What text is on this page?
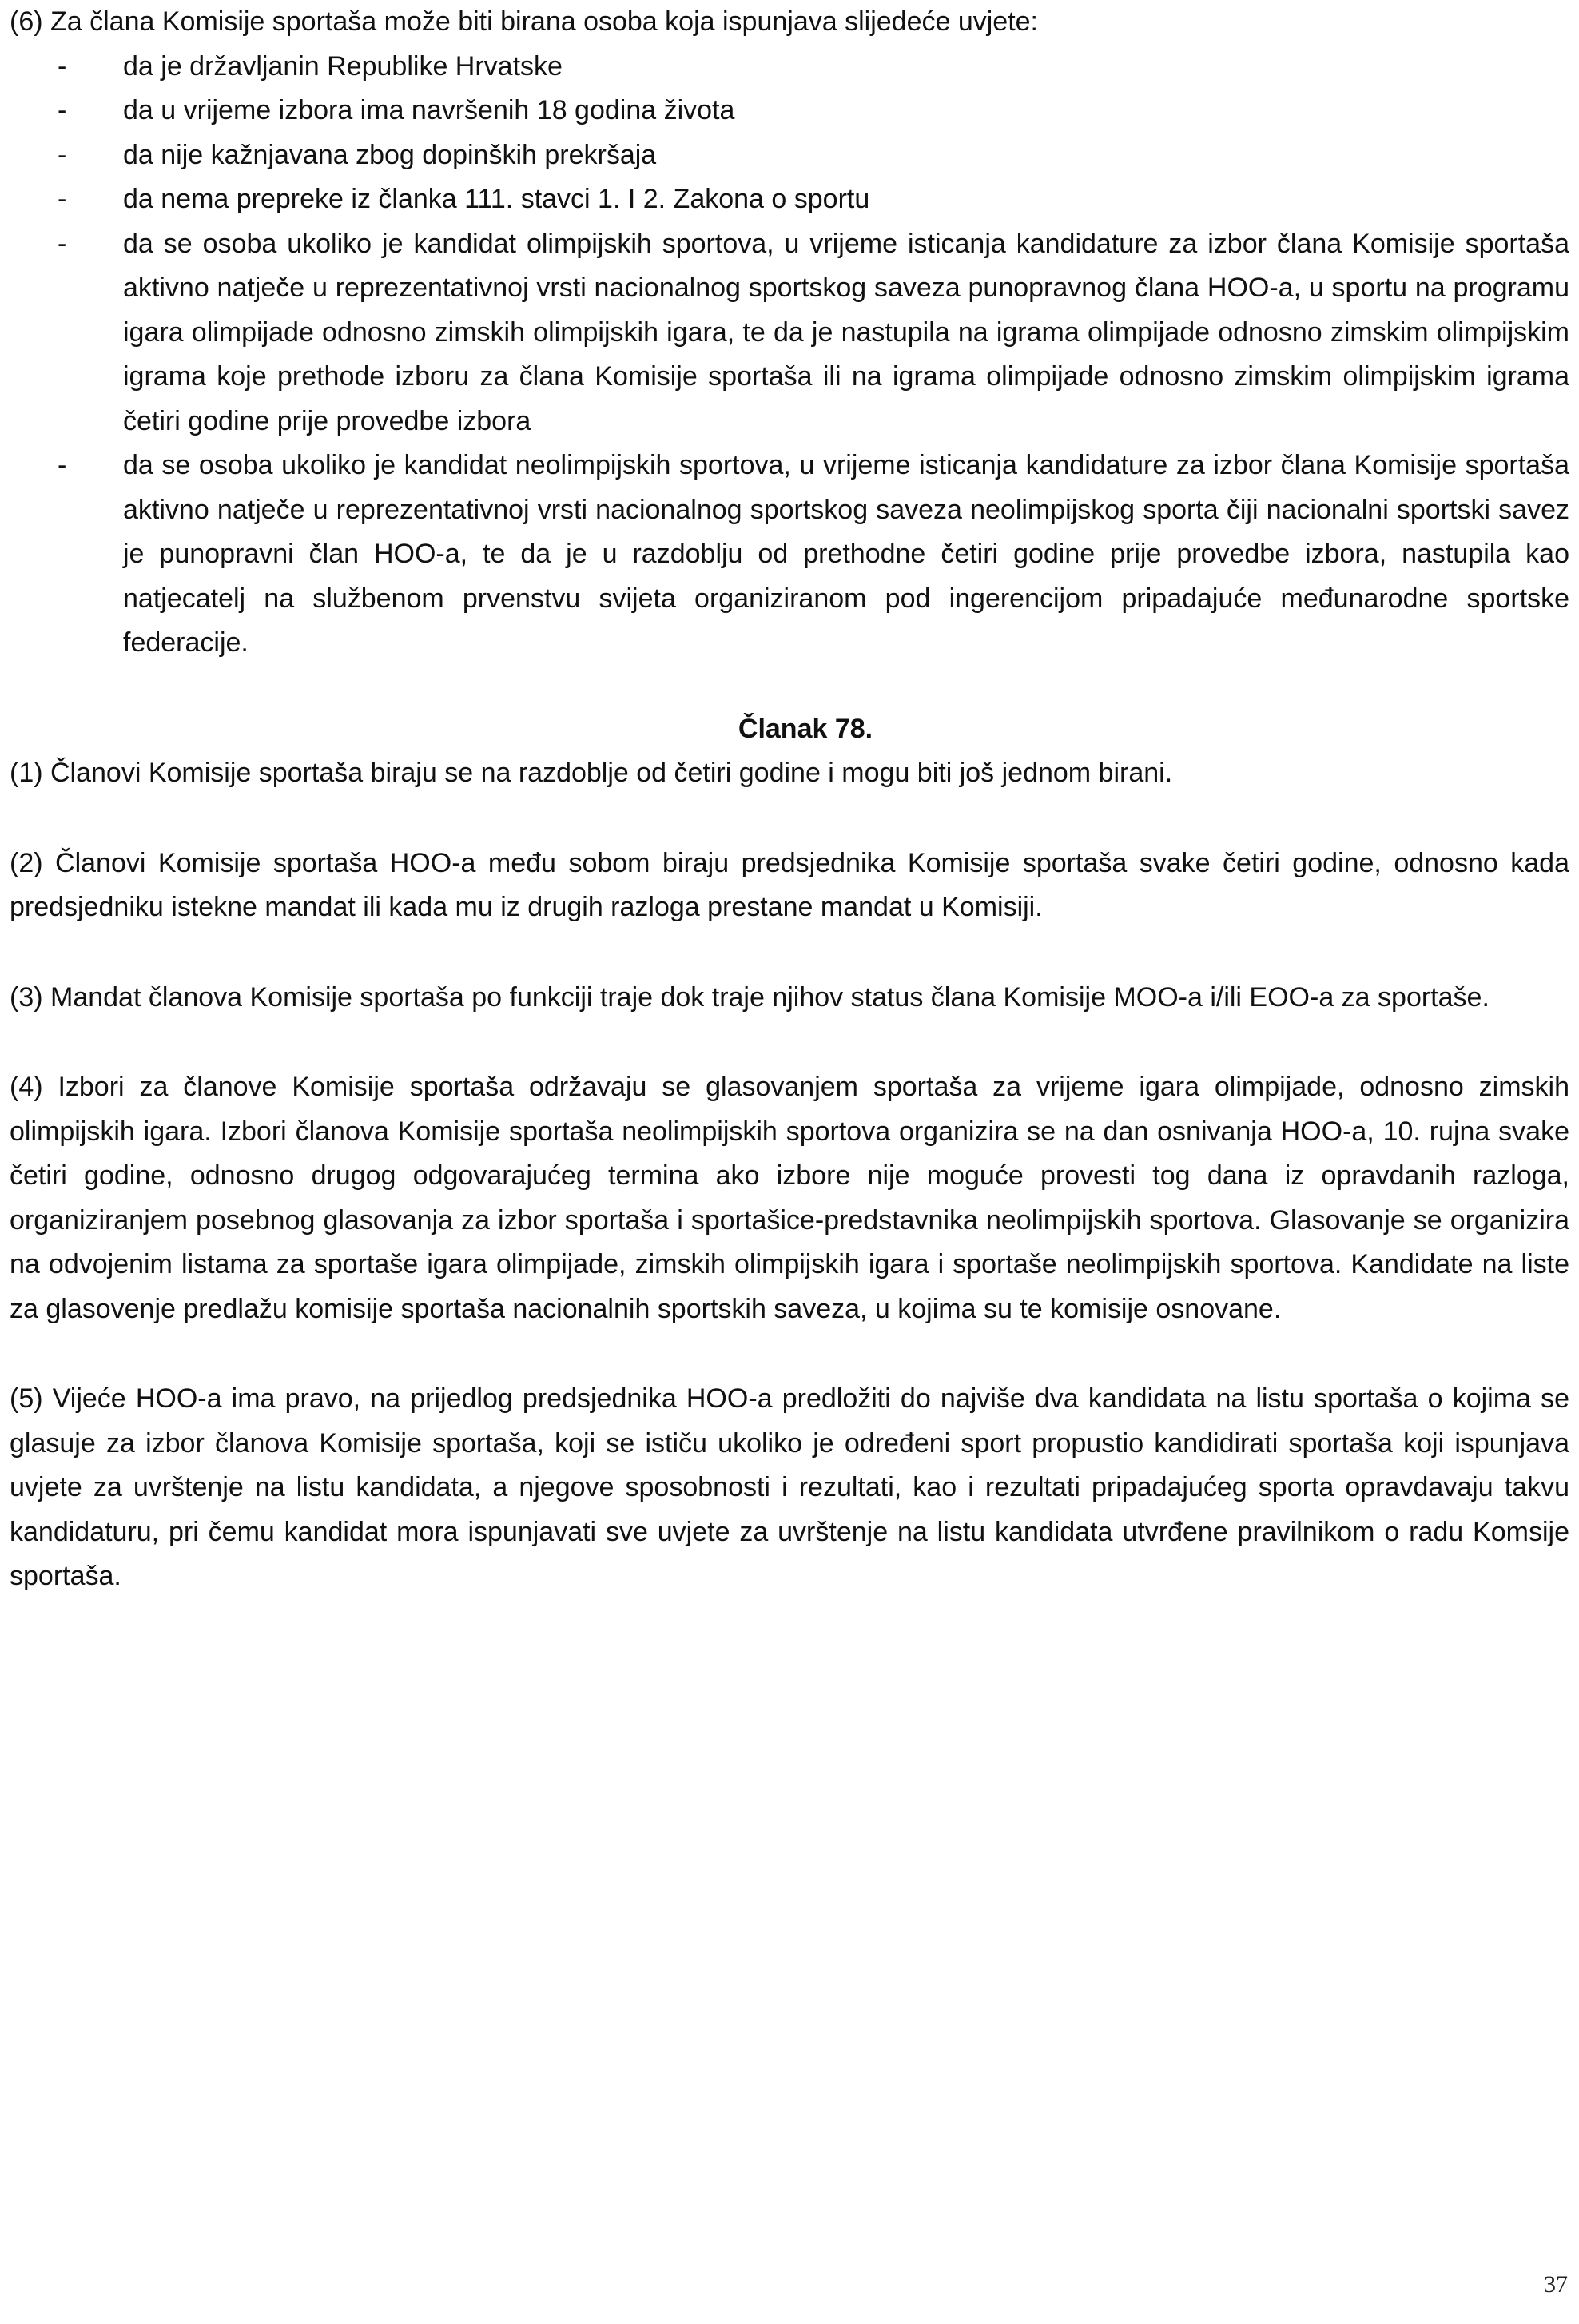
(6) Za člana Komisije sportaša može biti birana osoba koja ispunjava slijedeće uvjete:

- da je državljanin Republike Hrvatske
- da u vrijeme izbora ima navršenih 18 godina života
- da nije kažnjavana zbog dopinških prekršaja
- da nema prepreke iz članka 111. stavci 1. I 2. Zakona o sportu
- da se osoba ukoliko je kandidat olimpijskih sportova, u vrijeme isticanja kandidature za izbor člana Komisije sportaša aktivno natječe u reprezentativnoj vrsti nacionalnog sportskog saveza punopravnog člana HOO-a, u sportu na programu igara olimpijade odnosno zimskih olimpijskih igara, te da je nastupila na igrama olimpijade odnosno zimskim olimpijskim igrama koje prethode izboru za člana Komisije sportaša ili na igrama olimpijade odnosno zimskim olimpijskim igrama četiri godine prije provedbe izbora
- da se osoba ukoliko je kandidat neolimpijskih sportova, u vrijeme isticanja kandidature za izbor člana Komisije sportaša aktivno natječe u reprezentativnoj vrsti nacionalnog sportskog saveza neolimpijskog sporta čiji nacionalni sportski savez je punopravni član HOO-a, te da je u razdoblju od prethodne četiri godine prije provedbe izbora, nastupila kao natjecatelj na službenom prvenstvu svijeta organiziranom pod ingerencijom pripadajuće međunarodne sportske federacije.
Članak 78.

(1) Članovi Komisije sportaša biraju se na razdoblje od četiri godine i mogu biti još jednom birani.

(2) Članovi Komisije sportaša HOO-a među sobom biraju predsjednika Komisije sportaša svake četiri godine, odnosno kada predsjedniku istekne mandat ili kada mu iz drugih razloga prestane mandat u Komisiji.

(3) Mandat članova Komisije sportaša po funkciji traje dok traje njihov status člana Komisije MOO-a i/ili EOO-a za sportaše.

(4) Izbori za članove Komisije sportaša održavaju se glasovanjem sportaša za vrijeme igara olimpijade, odnosno zimskih olimpijskih igara. Izbori članova Komisije sportaša neolimpijskih sportova organizira se na dan osnivanja HOO-a, 10. rujna svake četiri godine, odnosno drugog odgovarajućeg termina ako izbore nije moguće provesti tog dana iz opravdanih razloga, organiziranjem posebnog glasovanja za izbor sportaša i sportašice-predstavnika neolimpijskih sportova. Glasovanje se organizira na odvojenim listama za sportaše igara olimpijade, zimskih olimpijskih igara i sportaše neolimpijskih sportova. Kandidate na liste za glasovenje predlažu komisije sportaša nacionalnih sportskih saveza, u kojima su te komisije osnovane.

(5) Vijeće HOO-a ima pravo, na prijedlog predsjednika HOO-a predložiti do najviše dva kandidata na listu sportaša o kojima se glasuje za izbor članova Komisije sportaša, koji se ističu ukoliko je određeni sport propustio kandidirati sportaša koji ispunjava uvjete za uvrštenje na listu kandidata, a njegove sposobnosti i rezultati, kao i rezultati pripadajućeg sporta opravdavaju takvu kandidaturu, pri čemu kandidat mora ispunjavati sve uvjete za uvrštenje na listu kandidata utvrđene pravilnikom o radu Komsije sportaša.

37
